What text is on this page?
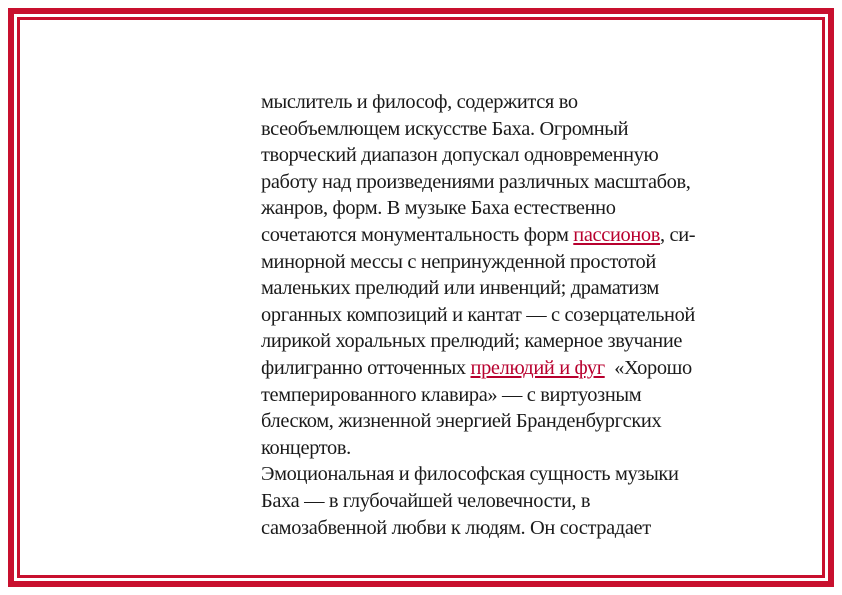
мыслитель и философ, содержится во
всеобъемлющем искусстве Баха. Огромный
творческий диапазон допускал одновременную
работу над произведениями различных масштабов,
жанров, форм. В музыке Баха естественно
сочетаются монументальность форм пассионов, си-
минорной мессы с непринужденной простотой
маленьких прелюдий или инвенций; драматизм
органных композиций и кантат — с созерцательной
лирикой хоральных прелюдий; камерное звучание
филигранно отточенных прелюдий и фуг  «Хорошо
темперированного клавира» — с виртуозным
блеском, жизненной энергией Бранденбургских
концертов.
Эмоциональная и философская сущность музыки
Баха — в глубочайшей человечности, в
самозабвенной любви к людям. Он сострадает
